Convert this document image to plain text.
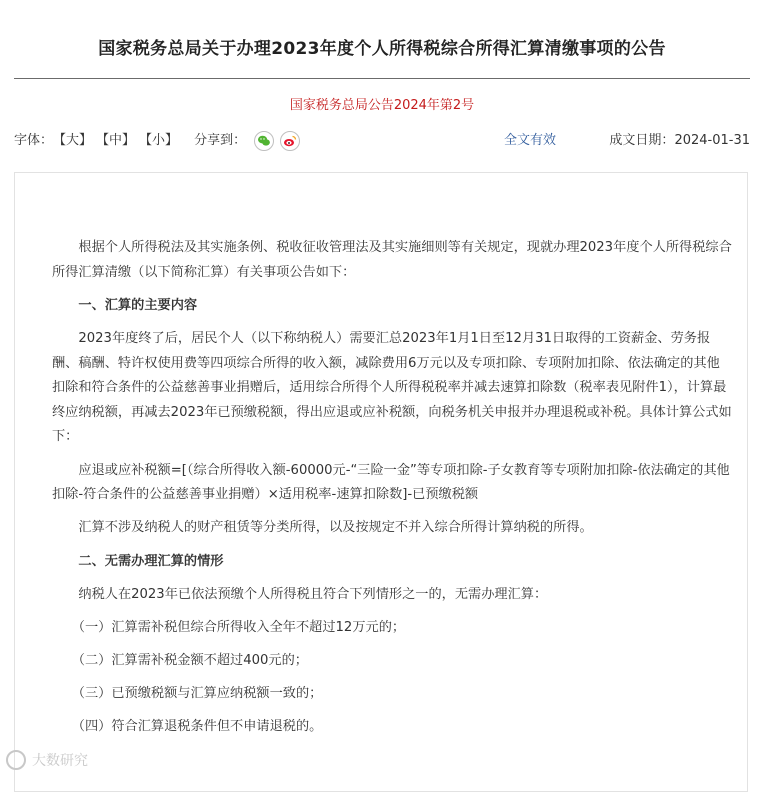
国家税务总局关于办理2023年度个人所得税综合所得汇算清缴事项的公告
国家税务总局公告2024年第2号
字体： 【大】 【中】 【小】 分享到：	全文有效	成文日期：2024-01-31

根据个人所得税法及其实施条例、税收征收管理法及其实施细则等有关规定，现就办理2023年度个人所得税综合所得汇算清缴（以下简称汇算）有关事项公告如下：

一、汇算的主要内容

2023年度终了后，居民个人（以下称纳税人）需要汇总2023年1月1日至12月31日取得的工资薪金、劳务报酬、稿酬、特许权使用费等四项综合所得的收入额，减除费用6万元以及专项扣除、专项附加扣除、依法确定的其他扣除和符合条件的公益慈善事业捐赠后，适用综合所得个人所得税税率并减去速算扣除数（税率表见附件1），计算最终应纳税额，再减去2023年已预缴税额，得出应退或应补税额，向税务机关申报并办理退税或补税。具体计算公式如下：

应退或应补税额=[（综合所得收入额-60000元-“三险一金”等专项扣除-子女教育等专项附加扣除-依法确定的其他扣除-符合条件的公益慈善事业捐赠）×适用税率-速算扣除数]-已预缴税额

汇算不涉及纳税人的财产租赁等分类所得，以及按规定不并入综合所得计算纳税的所得。

二、无需办理汇算的情形

纳税人在2023年已依法预缴个人所得税且符合下列情形之一的，无需办理汇算：

（一）汇算需补税但综合所得收入全年不超过12万元的；

（二）汇算需补税金额不超过400元的；

（三）已预缴税额与汇算应纳税额一致的；

（四）符合汇算退税条件但不申请退税的。

大数研究
